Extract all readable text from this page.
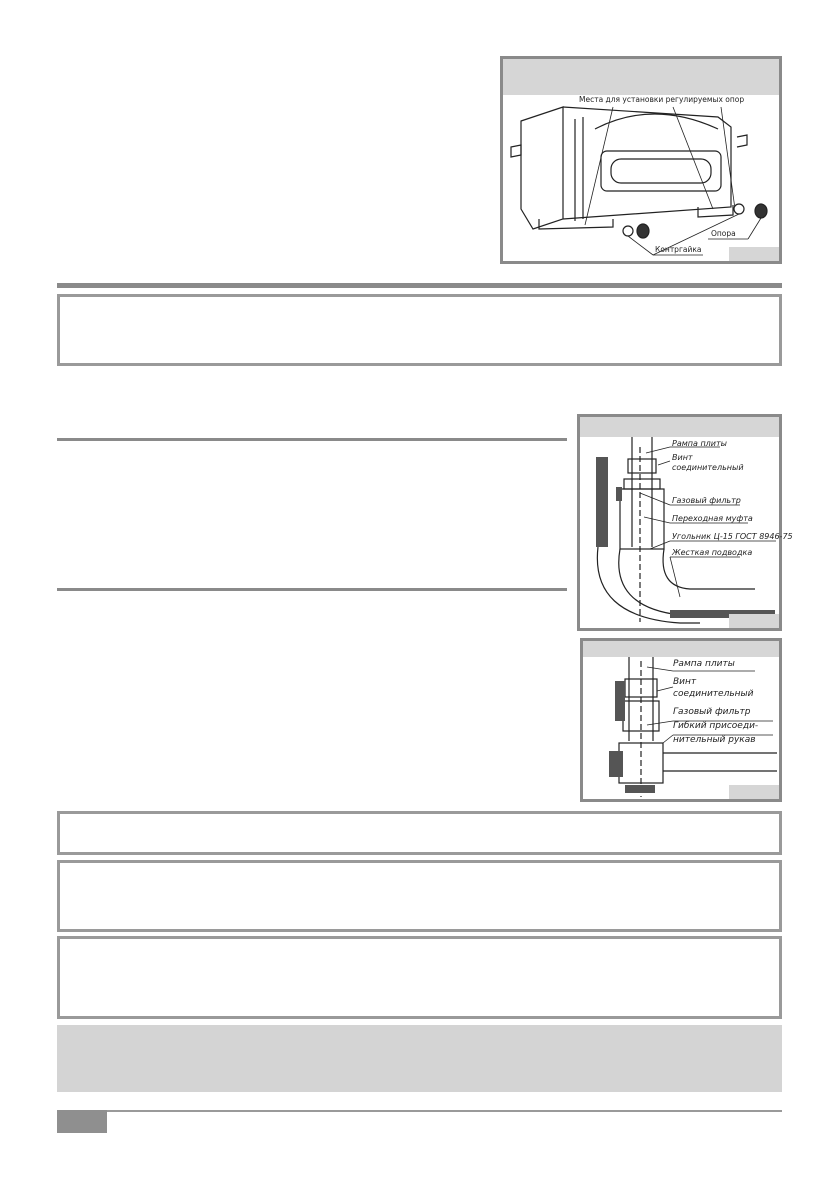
Места для установки регулируемых опор
Контргайка
Опора
Рампа плиты
Винт
соединительный
Газовый фильтр
Переходная муфта
Угольник Ц-15 ГОСТ 8946-75
Жесткая подводка
Рампа плиты
Винт
соединительный
Газовый фильтр
Гибкий присоеди-
нительный рукав
